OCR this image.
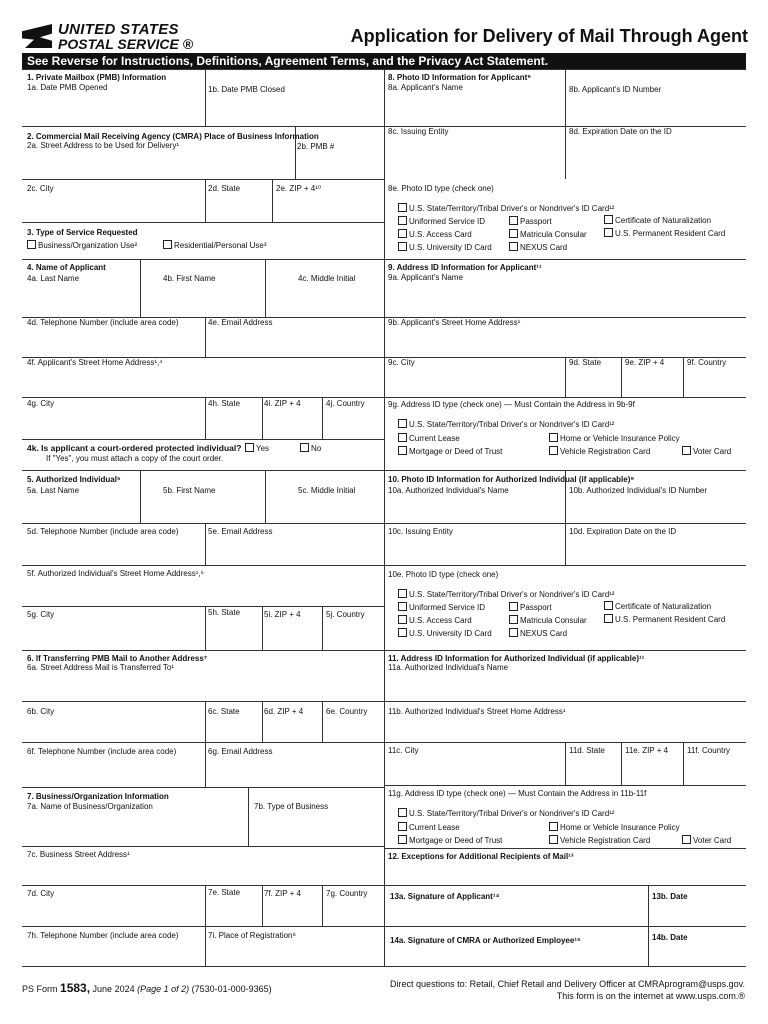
UNITED STATES
POSTAL SERVICE ®	Application for Delivery of Mail Through Agent
See Reverse for Instructions, Definitions, Agreement Terms, and the Privacy Act Statement.
1. Private Mailbox (PMB) Information
1a. Date PMB Opened	1b. Date PMB Closed
2. Commercial Mail Receiving Agency (CMRA) Place of Business Information
2a. Street Address to be Used for Delivery¹	2b. PMB #
2c. City	2d. State	2e. ZIP + 4¹⁰
3. Type of Service Requested
Business/Organization Use²	Residential/Personal Use³
4. Name of Applicant
4a. Last Name	4b. First Name	4c. Middle Initial
4d. Telephone Number (include area code)	4e. Email Address
4f. Applicant's Street Home Address¹,⁴
4g. City	4h. State	4i. ZIP + 4	4j. Country
4k. Is applicant a court-ordered protected individual?	Yes	No
If "Yes", you must attach a copy of the court order.
5. Authorized Individual⁵
5a. Last Name	5b. First Name	5c. Middle Initial
5d. Telephone Number (include area code)	5e. Email Address
5f. Authorized Individual's Street Home Address¹,⁶
5g. City	5h. State	5i. ZIP + 4	5j. Country
6. If Transferring PMB Mail to Another Address⁷
6a. Street Address Mail is Transferred To¹
6b. City	6c. State	6d. ZIP + 4	6e. Country
6f. Telephone Number (include area code)	6g. Email Address
7. Business/Organization Information
7a. Name of Business/Organization	7b. Type of Business
7c. Business Street Address¹
7d. City	7e. State	7f. ZIP + 4	7g. Country
7h. Telephone Number (include area code)	7i. Place of Registration⁸
8. Photo ID Information for Applicant⁹
8a. Applicant's Name	8b. Applicant's ID Number
8c. Issuing Entity	8d. Expiration Date on the ID
8e. Photo ID type (check one)
U.S. State/Territory/Tribal Driver's or Nondriver's ID Card¹²
Uniformed Service ID	Passport	Certificate of Naturalization
U.S. Access Card	Matricula Consular	U.S. Permanent Resident Card
U.S. University ID Card	NEXUS Card
9. Address ID Information for Applicant¹¹
9a. Applicant's Name
9b. Applicant's Street Home Address¹
9c. City	9d. State	9e. ZIP + 4	9f. Country
9g. Address ID type (check one) — Must Contain the Address in 9b-9f
U.S. State/Territory/Tribal Driver's or Nondriver's ID Card¹²
Current Lease	Home or Vehicle Insurance Policy
Mortgage or Deed of Trust	Vehicle Registration Card	Voter Card
10. Photo ID Information for Authorized Individual (if applicable)⁹
10a. Authorized Individual's Name	10b. Authorized Individual's ID Number
10c. Issuing Entity	10d. Expiration Date on the ID
10e. Photo ID type (check one)
U.S. State/Territory/Tribal Driver's or Nondriver's ID Card¹²
Uniformed Service ID	Passport	Certificate of Naturalization
U.S. Access Card	Matricula Consular	U.S. Permanent Resident Card
U.S. University ID Card	NEXUS Card
11. Address ID Information for Authorized Individual (if applicable)¹¹
11a. Authorized Individual's Name
11b. Authorized Individual's Street Home Address¹
11c. City	11d. State	11e. ZIP + 4 11f. Country
11g. Address ID type (check one) — Must Contain the Address in 11b-11f
U.S. State/Territory/Tribal Driver's or Nondriver's ID Card¹²
Current Lease	Home or Vehicle Insurance Policy
Mortgage or Deed of Trust	Vehicle Registration Card	Voter Card
12. Exceptions for Additional Recipients of Mail¹³
13a. Signature of Applicant¹⁴	13b. Date
14a. Signature of CMRA or Authorized Employee¹⁵	14b. Date
PS Form 1583, June 2024 (Page 1 of 2) (7530-01-000-9365)	Direct questions to: Retail, Chief Retail and Delivery Officer at CMRAprogram@usps.gov.
This form is on the internet at www.usps.com.®
